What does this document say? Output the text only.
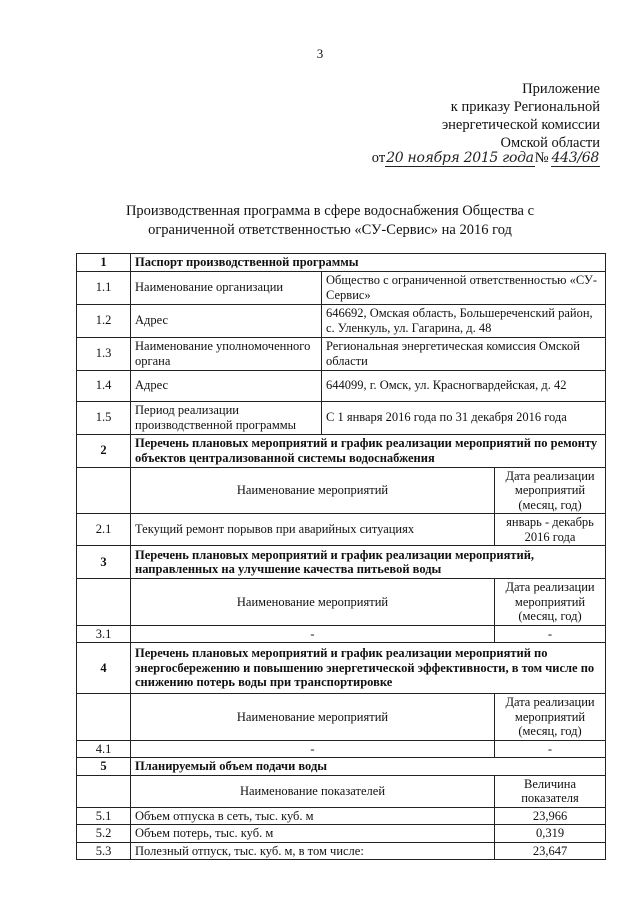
3
Приложение
к приказу Региональной
энергетической комиссии
Омской области
от20 ноября 2015 года№ 443/68
Производственная программа в сфере водоснабжения Общества с
ограниченной ответственностью «СУ-Сервис» на 2016 год
1	Паспорт производственной программы		
1.1	Наименование организации	Общество с ограниченной ответственностью «СУ-Сервис»	
1.2	Адрес	646692, Омская область, Большереченский район, с. Уленкуль, ул. Гагарина, д. 48	
1.3	Наименование уполномоченного органа	Региональная энергетическая комиссия Омской области	
1.4	Адрес	644099, г. Омск, ул. Красногвардейская, д. 42	
1.5	Период реализации производственной программы	С 1 января 2016 года по 31 декабря 2016 года	
2	Перечень плановых мероприятий и график реализации мероприятий по ремонту объектов централизованной системы водоснабжения		
	Наименование мероприятий		Дата реализации мероприятий (месяц, год)
2.1	Текущий ремонт порывов при аварийных ситуациях		январь - декабрь 2016 года
3	Перечень плановых мероприятий и график реализации мероприятий, направленных на улучшение качества питьевой воды		
	Наименование мероприятий		Дата реализации мероприятий (месяц, год)
3.1	-		-
4	Перечень плановых мероприятий и график реализации мероприятий по энергосбережению и повышению энергетической эффективности, в том числе по снижению потерь воды при транспортировке		
	Наименование мероприятий		Дата реализации мероприятий (месяц, год)
4.1	-		-
5	Планируемый объем подачи воды		
	Наименование показателей		Величина показателя
5.1	Объем отпуска в сеть, тыс. куб. м		23,966
5.2	Объем потерь, тыс. куб. м		0,319
5.3	Полезный отпуск, тыс. куб. м, в том числе:		23,647
